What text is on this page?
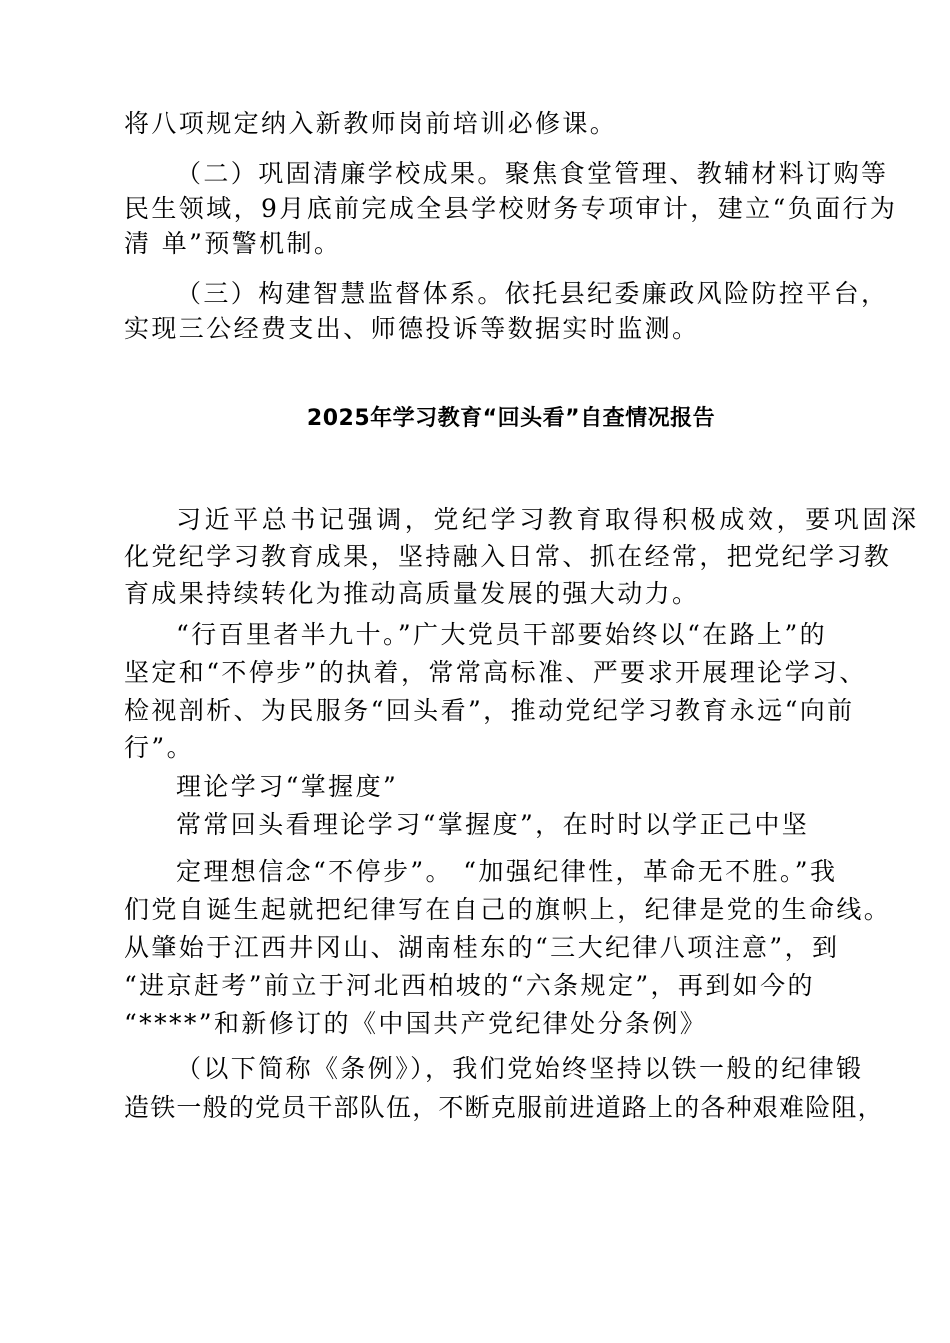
将八项规定纳入新教师岗前培训必修课。
（二）巩固清廉学校成果。聚焦食堂管理、教辅材料订购等
民生领域，9月底前完成全县学校财务专项审计，建立“负面行为
清 单”预警机制。
（三）构建智慧监督体系。依托县纪委廉政风险防控平台，
实现三公经费支出、师德投诉等数据实时监测。
2025年学习教育“回头看”自查情况报告
习近平总书记强调，党纪学习教育取得积极成效，要巩固深
化党纪学习教育成果，坚持融入日常、抓在经常，把党纪学习教
育成果持续转化为推动高质量发展的强大动力。
“行百里者半九十。”广大党员干部要始终以“在路上”的
坚定和“不停步”的执着，常常高标准、严要求开展理论学习、
检视剖析、为民服务“回头看”，推动党纪学习教育永远“向前
行”。
理论学习“掌握度”
常常回头看理论学习“掌握度”，在时时以学正己中坚
定理想信念“不停步”。 “加强纪律性，革命无不胜。”我
们党自诞生起就把纪律写在自己的旗帜上，纪律是党的生命线。
从肇始于江西井冈山、湖南桂东的“三大纪律八项注意”，到
“进京赶考”前立于河北西柏坡的“六条规定”，再到如今的
“****”和新修订的《中国共产党纪律处分条例》
（以下简称《条例》），我们党始终坚持以铁一般的纪律锻
造铁一般的党员干部队伍，不断克服前进道路上的各种艰难险阻，
